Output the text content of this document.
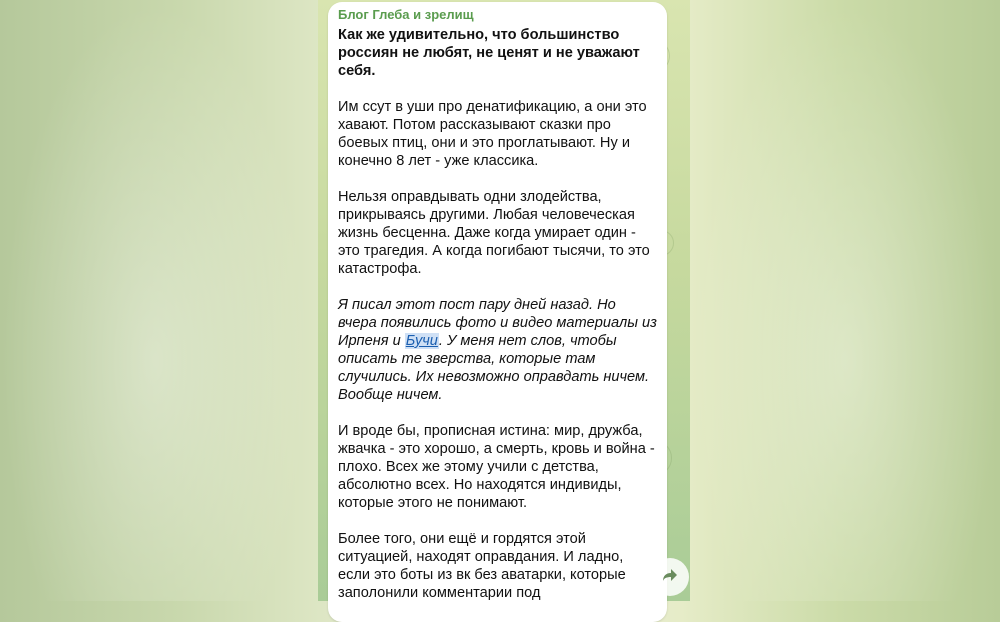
Блог Глеба и зрелищ

Как же удивительно, что большинство россиян не любят, не ценят и не уважают себя.

Им ссут в уши про денатификацию, а они это хавают. Потом рассказывают сказки про боевых птиц, они и это проглатывают. Ну и конечно 8 лет - уже классика.

Нельзя оправдывать одни злодейства, прикрываясь другими. Любая человеческая жизнь бесценна. Даже когда умирает один - это трагедия. А когда погибают тысячи, то это катастрофа.

Я писал этот пост пару дней назад. Но вчера появились фото и видео материалы из Ирпеня и Бучи. У меня нет слов, чтобы описать те зверства, которые там случились. Их невозможно оправдать ничем. Вообще ничем.

И вроде бы, прописная истина: мир, дружба, жвачка - это хорошо, а смерть, кровь и война - плохо. Всех же этому учили с детства, абсолютно всех. Но находятся индивиды, которые этого не понимают.

Более того, они ещё и гордятся этой ситуацией, находят оправдания. И ладно, если это боты из вк без аватарки, которые заполонили комментарии под
